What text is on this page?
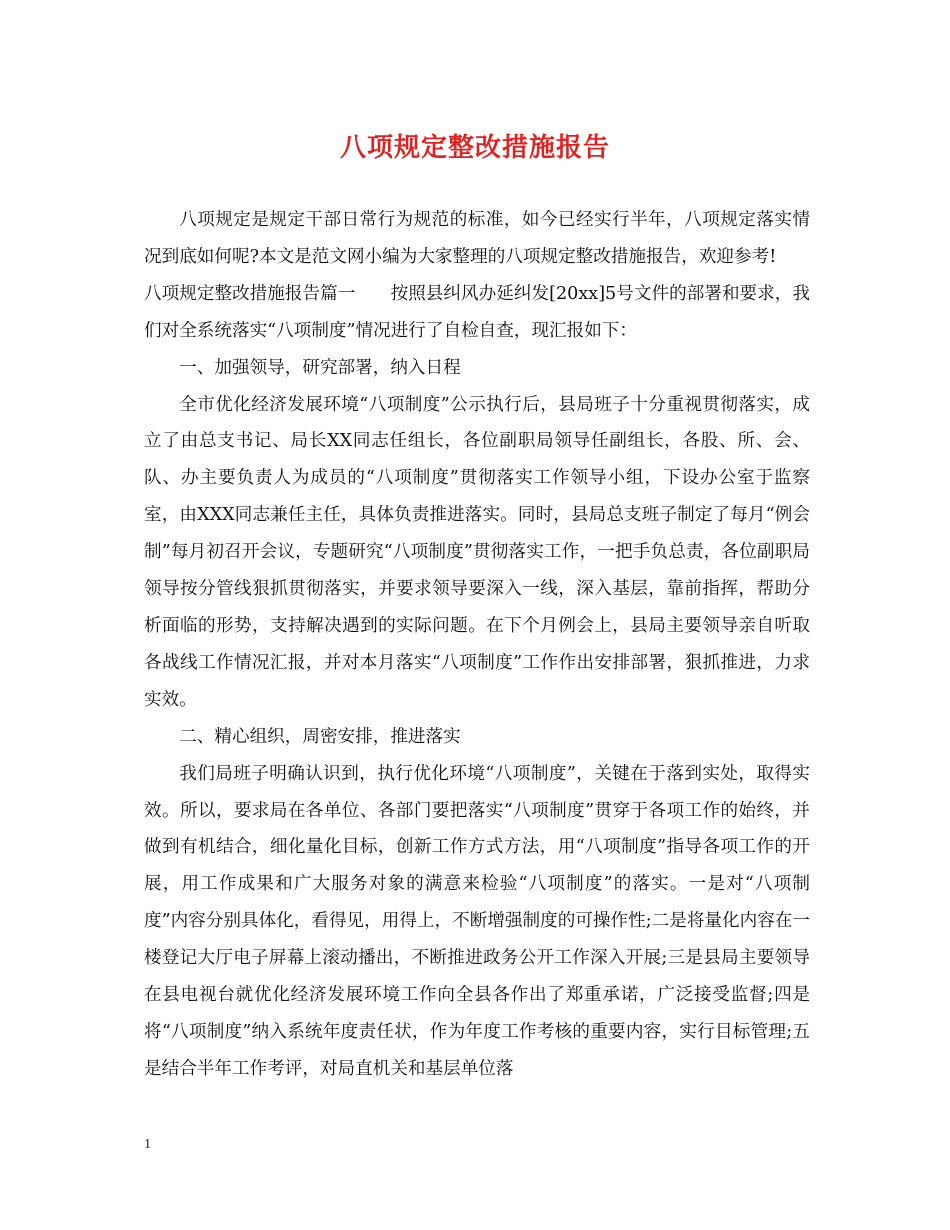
八项规定整改措施报告

八项规定是规定干部日常行为规范的标准，如今已经实行半年，八项规定落实情况到底如何呢?本文是范文网小编为大家整理的八项规定整改措施报告，欢迎参考!

八项规定整改措施报告篇一　　按照县纠风办延纠发[20xx]5号文件的部署和要求，我们对全系统落实“八项制度”情况进行了自检自查，现汇报如下：

一、加强领导，研究部署，纳入日程

全市优化经济发展环境“八项制度”公示执行后，县局班子十分重视贯彻落实，成立了由总支书记、局长XX同志任组长，各位副职局领导任副组长，各股、所、会、队、办主要负责人为成员的“八项制度”贯彻落实工作领导小组，下设办公室于监察室，由XXX同志兼任主任，具体负责推进落实。同时，县局总支班子制定了每月“例会制”每月初召开会议，专题研究“八项制度”贯彻落实工作，一把手负总责，各位副职局领导按分管线狠抓贯彻落实，并要求领导要深入一线，深入基层，靠前指挥，帮助分析面临的形势，支持解决遇到的实际问题。在下个月例会上，县局主要领导亲自听取各战线工作情况汇报，并对本月落实“八项制度”工作作出安排部署，狠抓推进，力求实效。

二、精心组织，周密安排，推进落实

我们局班子明确认识到，执行优化环境“八项制度”，关键在于落到实处，取得实效。所以，要求局在各单位、各部门要把落实“八项制度”贯穿于各项工作的始终，并做到有机结合，细化量化目标，创新工作方式方法，用“八项制度”指导各项工作的开展，用工作成果和广大服务对象的满意来检验“八项制度”的落实。一是对“八项制度”内容分别具体化，看得见，用得上，不断增强制度的可操作性;二是将量化内容在一楼登记大厅电子屏幕上滚动播出，不断推进政务公开工作深入开展;三是县局主要领导在县电视台就优化经济发展环境工作向全县各作出了郑重承诺，广泛接受监督;四是将“八项制度”纳入系统年度责任状，作为年度工作考核的重要内容，实行目标管理;五是结合半年工作考评，对局直机关和基层单位落

1
